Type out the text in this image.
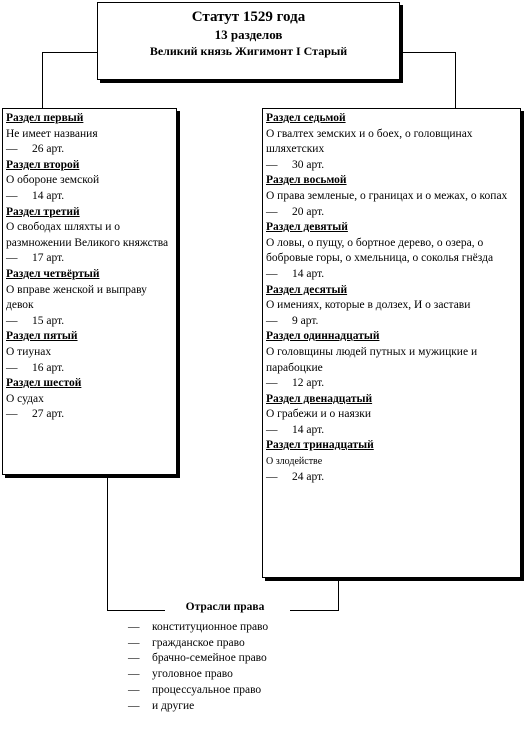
Статут 1529 года
13 разделов
Великий князь Жигимонт I Старый
Раздел первый
Не имеет названия
— 26 арт.
Раздел второй
О обороне земской
— 14 арт.
Раздел третий
О свободах шляхты и о размножении Великого княжства
— 17 арт.
Раздел четвёртый
О вправе женской и выправу девок
— 15 арт.
Раздел пятый
О тиунах
— 16 арт.
Раздел шестой
О судах
— 27 арт.
Раздел седьмой
О гвалтех земских и о боех, о головщинах шляхетских
— 30 арт.
Раздел восьмой
О права земленые, о границах и о межах, о копах
— 20 арт.
Раздел девятый
О ловы, о пущу, о бортное дерево, о озера, о бобровые горы, о хмельница, о соколья гнёзда
— 14 арт.
Раздел десятый
О имениях, которые в долзех, И о застави
— 9 арт.
Раздел одиннадцатый
О головщины людей путных и мужицкие и парабоцкие
— 12 арт.
Раздел двенадцатый
О грабежи и о наязки
— 14 арт.
Раздел тринадцатый
О злодействе
— 24 арт.
Отрасли права
— конституционное право
— гражданское право
— брачно-семейное право
— уголовное право
— процессуальное право
— и другие
